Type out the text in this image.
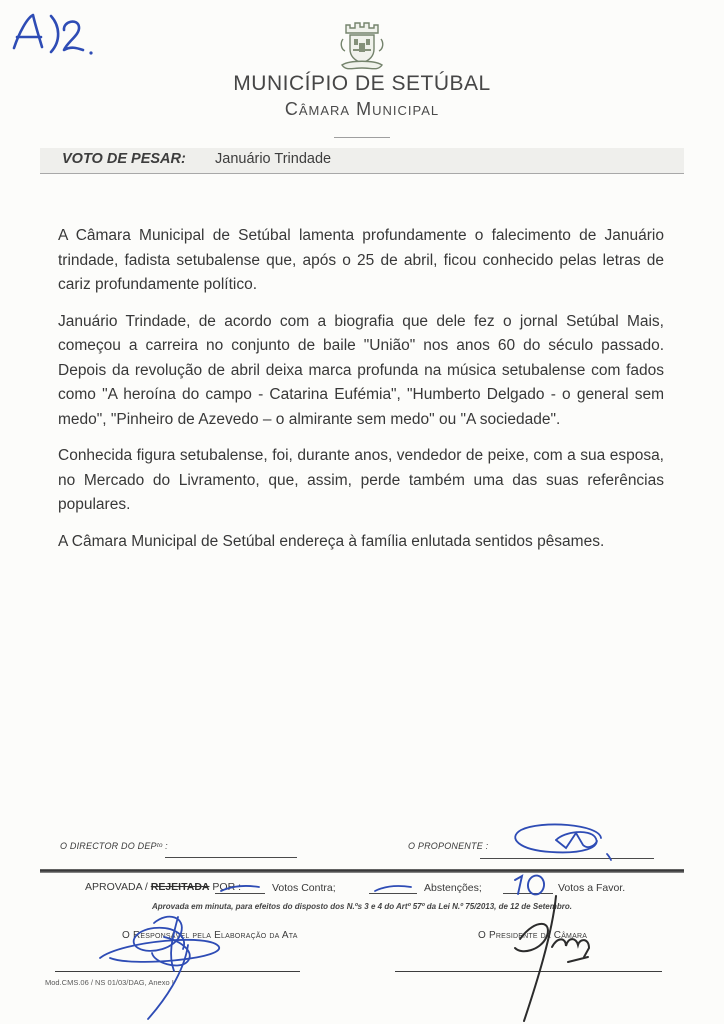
MUNICÍPIO DE SETÚBAL
Câmara Municipal
VOTO DE PESAR: Januário Trindade

A Câmara Municipal de Setúbal lamenta profundamente o falecimento de Januário trindade, fadista setubalense que, após o 25 de abril, ficou conhecido pelas letras de cariz profundamente político.

Januário Trindade, de acordo com a biografia que dele fez o jornal Setúbal Mais, começou a carreira no conjunto de baile "União" nos anos 60 do século passado. Depois da revolução de abril deixa marca profunda na música setubalense com fados como "A heroína do campo - Catarina Eufémia", "Humberto Delgado - o general sem medo", "Pinheiro de Azevedo – o almirante sem medo" ou "A sociedade".

Conhecida figura setubalense, foi, durante anos, vendedor de peixe, com a sua esposa, no Mercado do Livramento, que, assim, perde também uma das suas referências populares.

A Câmara Municipal de Setúbal endereça à família enlutada sentidos pêsames.

O DIRECTOR DO DEPᵗᵒ :	O PROPONENTE :
APROVADA / REJEITADA POR :	Votos Contra;	Abstenções;	Votos a Favor.
Aprovada em minuta, para efeitos do disposto dos N.ºs 3 e 4 do Artº 57º da Lei N.º 75/2013, de 12 de Setembro.
O Responsável pela Elaboração da Ata
Mod.CMS.06 / NS 01/03/DAG, Anexo I
O Presidente da Câmara
